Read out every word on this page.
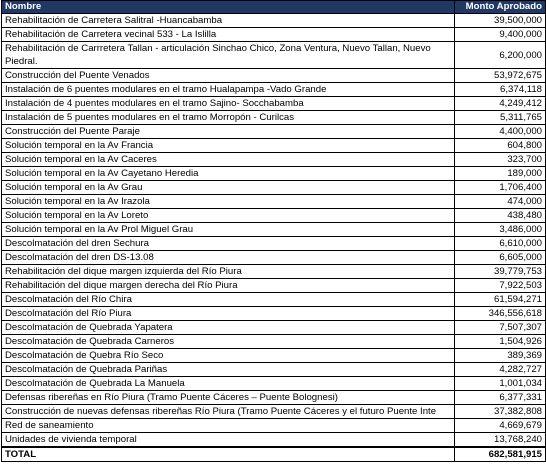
Nombre	Monto Aprobado
Rehabilitación de Carretera Salitral -Huancabamba	39,500,000
Rehabilitación de Carretera vecinal 533 - La Islilla	9,400,000
Rehabilitación de Carrretera Tallan - articulación Sinchao Chico, Zona Ventura, Nuevo Tallan, Nuevo Piedral.	6,200,000
Construcción del Puente Venados	53,972,675
Instalación de 6 puentes modulares en el tramo Hualapampa -Vado Grande	6,374,118
Instalación de 4 puentes modulares en el tramo Sajino- Socchabamba	4,249,412
Instalación de 5 puentes modulares en el tramo Morropón - Curilcas	5,311,765
Construcción del Puente Paraje	4,400,000
Solución temporal en la Av Francia	604,800
Solución temporal en la Av Caceres	323,700
Solución temporal en la Av Cayetano Heredia	189,000
Solución temporal en la Av Grau	1,706,400
Solución temporal en la Av Irazola	474,000
Solución temporal en la Av Loreto	438,480
Solución temporal en la Av Prol Miguel Grau	3,486,000
Descolmatación del dren Sechura	6,610,000
Descolmatación del dren DS-13.08	6,605,000
Rehabilitación del dique margen izquierda del Río Piura	39,779,753
Rehabilitación del dique margen derecha del Río Piura	7,922,503
Descolmatación del Río Chira	61,594,271
Descolmatación del Río Piura	346,556,618
Descolmatación de Quebrada Yapatera	7,507,307
Descolmatación de Quebrada Carneros	1,504,926
Descolmatación de Quebra Río Seco	389,369
Descolmatación de Quebrada Pariñas	4,282,727
Descolmatación de Quebrada La Manuela	1,001,034
Defensas ribereñas en Río Piura (Tramo Puente Cáceres – Puente Bolognesi)	6,377,331
Construcción de nuevas defensas ribereñas Río Piura (Tramo Puente Cáceres y el futuro Puente Inte	37,382,808
Red de saneamiento	4,669,679
Unidades de vivienda temporal	13,768,240
TOTAL	682,581,915
